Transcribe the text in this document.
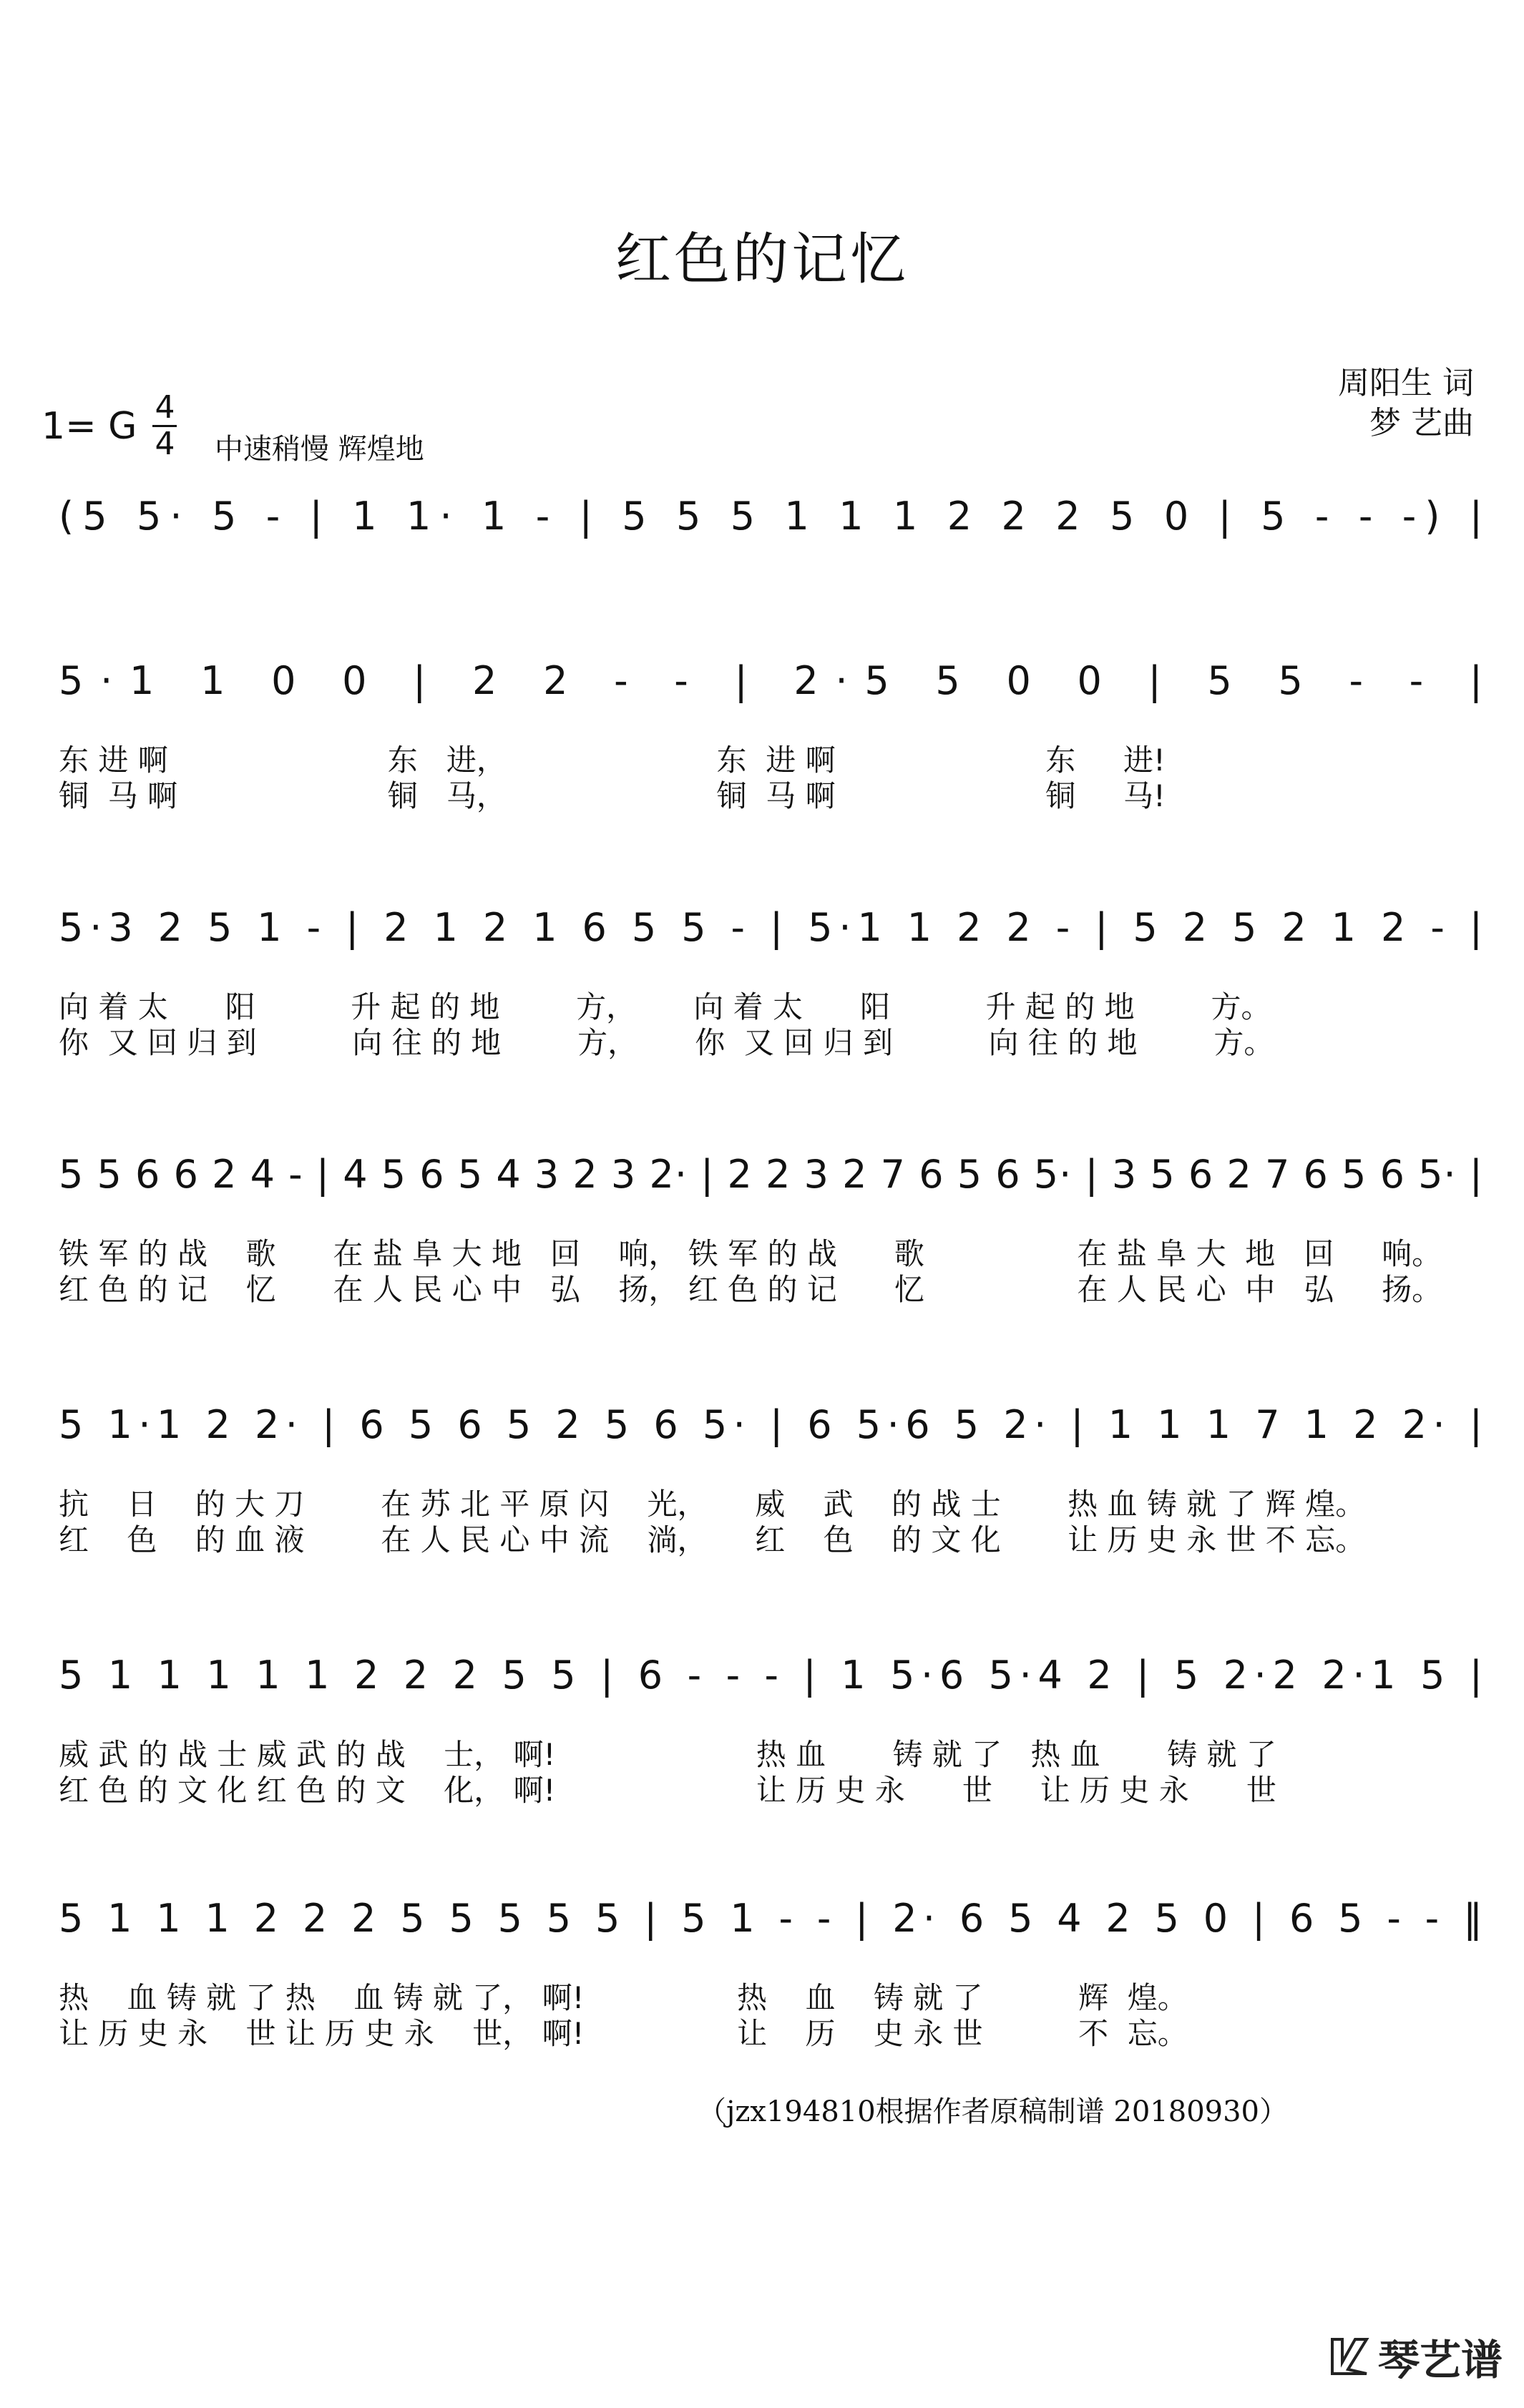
红色的记忆
1= G $\frac{4}{4}$ 中速稍慢 辉煌地
周阳生 词
梦 艺曲
(5 5· 5 - | 1 1· 1 - | 5 5 5 1 1 1 2 2 2 5 0 | 5 - - -) |
5·1 1 0 0 | 2 2 - - | 2·5 5 0 0 | 5 5 - - |
东 进 啊                       东   进，                      东  进 啊                      东     进!
铜  马 啊                      铜   马，                      铜  马 啊                      铜     马!
5·3 2 5 1 - | 2 1 2 1 6 5 5 - | 5·1 1 2 2 - | 5 2 5 2 1 2 - |
向 着 太      阳          升 起 的 地        方，      向 着 太      阳          升 起 的 地        方。
你  又 回 归 到          向 往 的 地        方，      你  又 回 归 到          向 往 的 地        方。
5 5 6 6 2 4 - | 4 5 6 5 4 3 2 3 2· | 2 2 3 2 7 6 5 6 5· | 3 5 6 2 7 6 5 6 5· |
铁 军 的 战    歌      在 盐 阜 大 地   回    响， 铁 军 的 战      歌                在 盐 阜 大  地   回     响。
红 色 的 记    忆      在 人 民 心 中   弘    扬， 红 色 的 记      忆                在 人 民 心  中   弘     扬。
5 1·1 2 2· | 6 5 6 5 2 5 6 5· | 6 5·6 5 2· | 1 1 1 7 1 2 2· |
抗    日    的 大 刀        在 苏 北 平 原 闪    光，     威    武    的 战 士       热 血 铸 就 了 辉 煌。
红    色    的 血 液        在 人 民 心 中 流    淌，     红    色    的 文 化       让 历 史 永 世 不 忘。
5 1 1 1 1 1 2 2 2 5 5 | 6 - - - | 1 5·6 5·4 2 | 5 2·2 2·1 5 |
威 武 的 战 士 威 武 的 战    士， 啊!                     热 血       铸 就 了   热 血       铸 就 了
红 色 的 文 化 红 色 的 文    化， 啊!                     让 历 史 永      世     让 历 史 永      世
5 1 1 1 2 2 2 5 5 5 5 5 | 5 1 - - | 2· 6 5 4 2 5 0 | 6 5 - - ‖
热    血 铸 就 了 热    血 铸 就 了， 啊!                热    血    铸 就 了          辉  煌。
让 历 史 永    世 让 历 史 永    世， 啊!                让    历    史 永 世          不  忘。
（jzx194810根据作者原稿制谱 20180930）
琴艺谱
